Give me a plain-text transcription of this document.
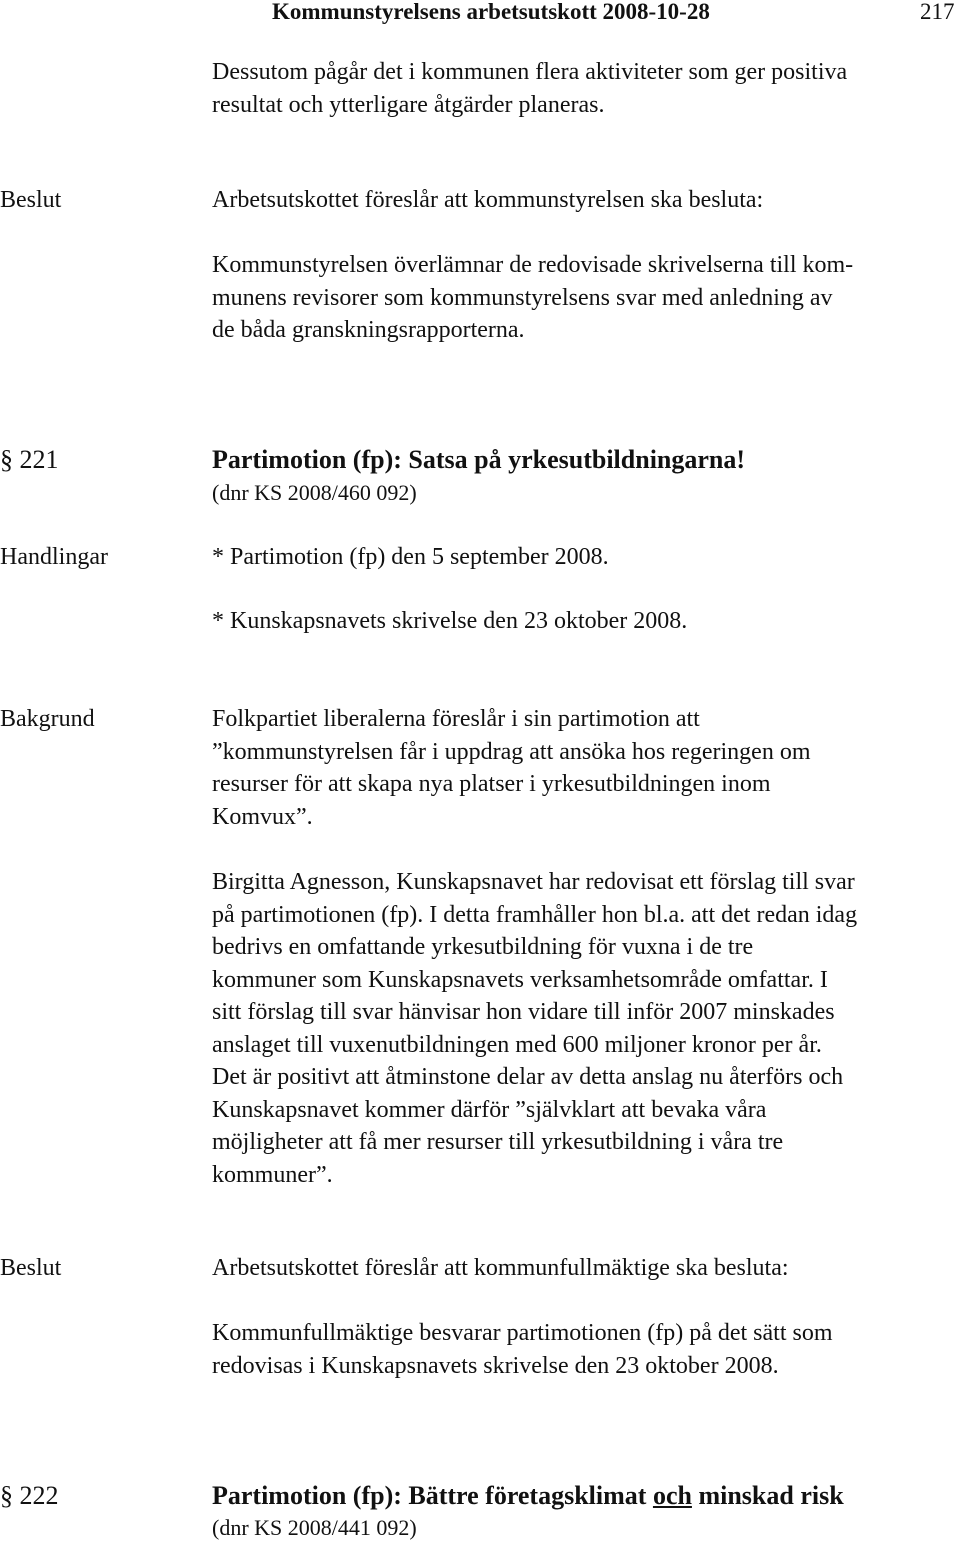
Kommunstyrelsens arbetsutskott 2008-10-28	217
Dessutom pågår det i kommunen flera aktiviteter som ger positiva
resultat och ytterligare åtgärder planeras.
Beslut	Arbetsutskottet föreslår att kommunstyrelsen ska besluta:
Kommunstyrelsen överlämnar de redovisade skrivelserna till kom-
munens revisorer som kommunstyrelsens svar med anledning av
de båda granskningsrapporterna.
§ 221	Partimotion (fp): Satsa på yrkesutbildningarna!
(dnr KS 2008/460 092)
Handlingar	* Partimotion (fp) den 5 september 2008.
* Kunskapsnavets skrivelse den 23 oktober 2008.
Bakgrund	Folkpartiet liberalerna föreslår i sin partimotion att
”kommunstyrelsen får i uppdrag att ansöka hos regeringen om
resurser för att skapa nya platser i yrkesutbildningen inom
Komvux”.
Birgitta Agnesson, Kunskapsnavet har redovisat ett förslag till svar
på partimotionen (fp). I detta framhåller hon bl.a. att det redan idag
bedrivs en omfattande yrkesutbildning för vuxna i de tre
kommuner som Kunskapsnavets verksamhetsområde omfattar. I
sitt förslag till svar hänvisar hon vidare till inför 2007 minskades
anslaget till vuxenutbildningen med 600 miljoner kronor per år.
Det är positivt att åtminstone delar av detta anslag nu återförs och
Kunskapsnavet kommer därför ”självklart att bevaka våra
möjligheter att få mer resurser till yrkesutbildning i våra tre
kommuner”.
Beslut	Arbetsutskottet föreslår att kommunfullmäktige ska besluta:
Kommunfullmäktige besvarar partimotionen (fp) på det sätt som
redovisas i Kunskapsnavets skrivelse den 23 oktober 2008.
§ 222	Partimotion (fp): Bättre företagsklimat och minskad risk
(dnr KS 2008/441 092)
